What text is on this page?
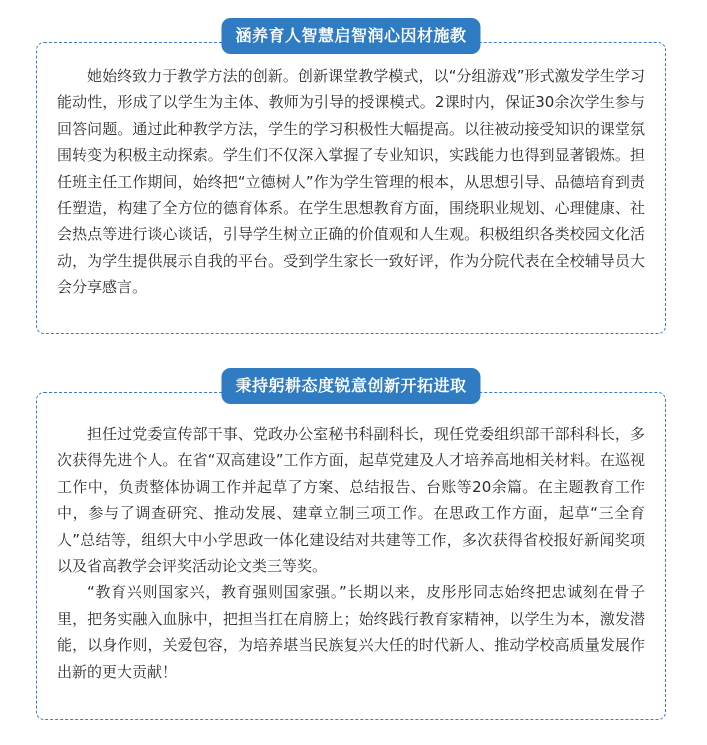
涵养育人智慧启智润心因材施教

她始终致力于教学方法的创新。创新课堂教学模式，以“分组游戏”形式激发学生学习能动性，形成了以学生为主体、教师为引导的授课模式。2课时内，保证30余次学生参与回答问题。通过此种教学方法，学生的学习积极性大幅提高。以往被动接受知识的课堂氛围转变为积极主动探索。学生们不仅深入掌握了专业知识，实践能力也得到显著锻炼。担任班主任工作期间，始终把“立德树人”作为学生管理的根本，从思想引导、品德培育到责任塑造，构建了全方位的德育体系。在学生思想教育方面，围绕职业规划、心理健康、社会热点等进行谈心谈话，引导学生树立正确的价值观和人生观。积极组织各类校园文化活动，为学生提供展示自我的平台。受到学生家长一致好评，作为分院代表在全校辅导员大会分享感言。

秉持躬耕态度锐意创新开拓进取

担任过党委宣传部干事、党政办公室秘书科副科长，现任党委组织部干部科科长，多次获得先进个人。在省“双高建设”工作方面，起草党建及人才培养高地相关材料。在巡视工作中，负责整体协调工作并起草了方案、总结报告、台账等20余篇。在主题教育工作中，参与了调查研究、推动发展、建章立制三项工作。在思政工作方面，起草“三全育人”总结等，组织大中小学思政一体化建设结对共建等工作，多次获得省校报好新闻奖项以及省高教学会评奖活动论文类三等奖。

“教育兴则国家兴，教育强则国家强。”长期以来，皮彤彤同志始终把忠诚刻在骨子里，把务实融入血脉中，把担当扛在肩膀上；始终践行教育家精神，以学生为本，激发潜能，以身作则，关爱包容，为培养堪当民族复兴大任的时代新人、推动学校高质量发展作出新的更大贡献！
